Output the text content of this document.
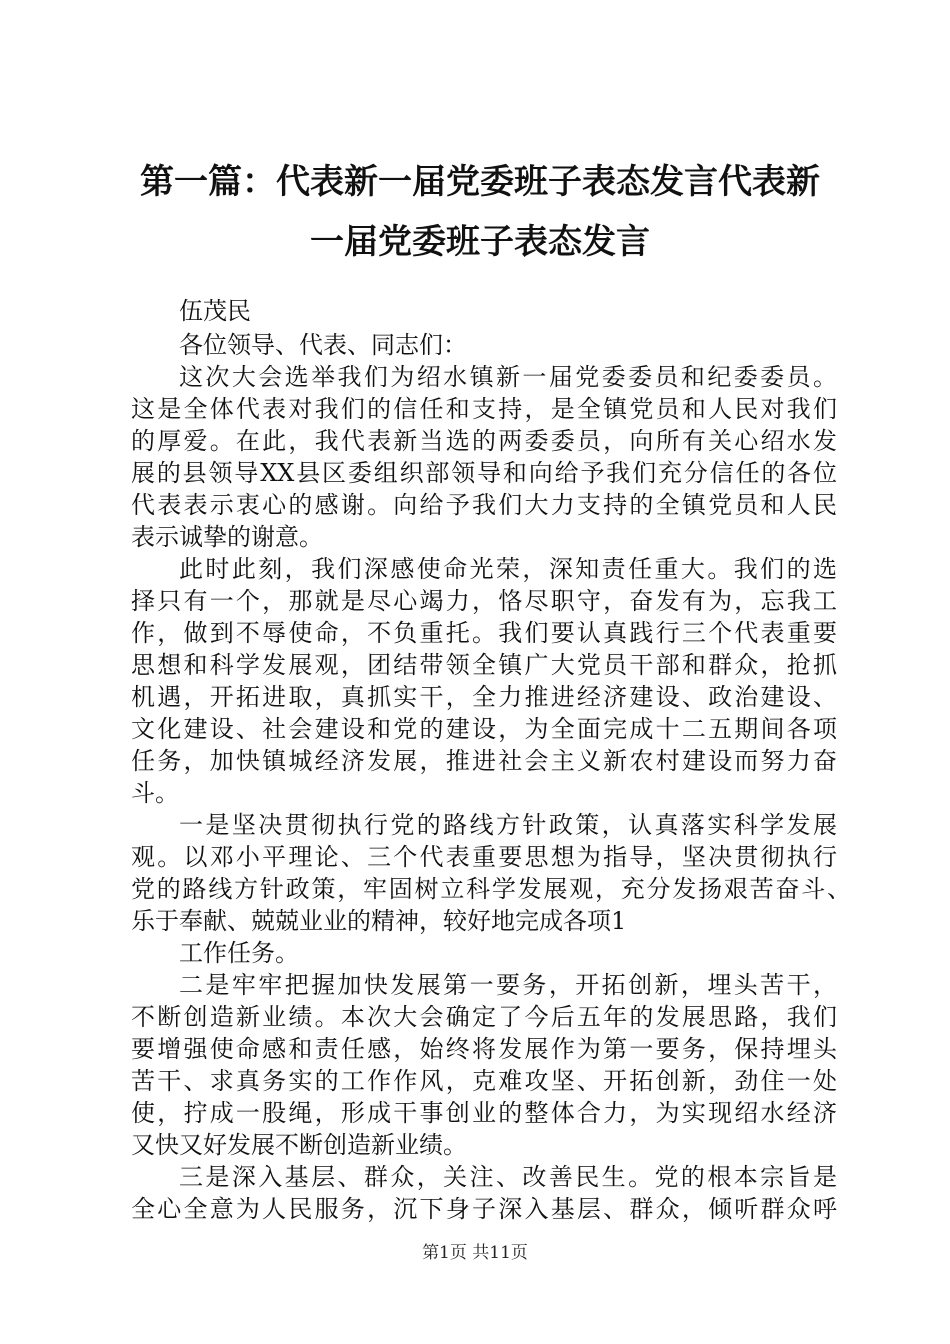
第一篇：代表新一届党委班子表态发言代表新
一届党委班子表态发言
伍茂民
各位领导、代表、同志们：
这次大会选举我们为绍水镇新一届党委委员和纪委委员。
这是全体代表对我们的信任和支持，是全镇党员和人民对我们
的厚爱。在此，我代表新当选的两委委员，向所有关心绍水发
展的县领导XX县区委组织部领导和向给予我们充分信任的各位
代表表示衷心的感谢。向给予我们大力支持的全镇党员和人民
表示诚挚的谢意。
此时此刻，我们深感使命光荣，深知责任重大。我们的选
择只有一个，那就是尽心竭力，恪尽职守，奋发有为，忘我工
作，做到不辱使命，不负重托。我们要认真践行三个代表重要
思想和科学发展观，团结带领全镇广大党员干部和群众，抢抓
机遇，开拓进取，真抓实干，全力推进经济建设、政治建设、
文化建设、社会建设和党的建设，为全面完成十二五期间各项
任务，加快镇城经济发展，推进社会主义新农村建设而努力奋
斗。
一是坚决贯彻执行党的路线方针政策，认真落实科学发展
观。以邓小平理论、三个代表重要思想为指导，坚决贯彻执行
党的路线方针政策，牢固树立科学发展观，充分发扬艰苦奋斗、
乐于奉献、兢兢业业的精神，较好地完成各项1
工作任务。
二是牢牢把握加快发展第一要务，开拓创新，埋头苦干，
不断创造新业绩。本次大会确定了今后五年的发展思路，我们
要增强使命感和责任感，始终将发展作为第一要务，保持埋头
苦干、求真务实的工作作风，克难攻坚、开拓创新，劲住一处
使，拧成一股绳，形成干事创业的整体合力，为实现绍水经济
又快又好发展不断创造新业绩。
三是深入基层、群众，关注、改善民生。党的根本宗旨是
全心全意为人民服务，沉下身子深入基层、群众，倾听群众呼
第1页 共11页
